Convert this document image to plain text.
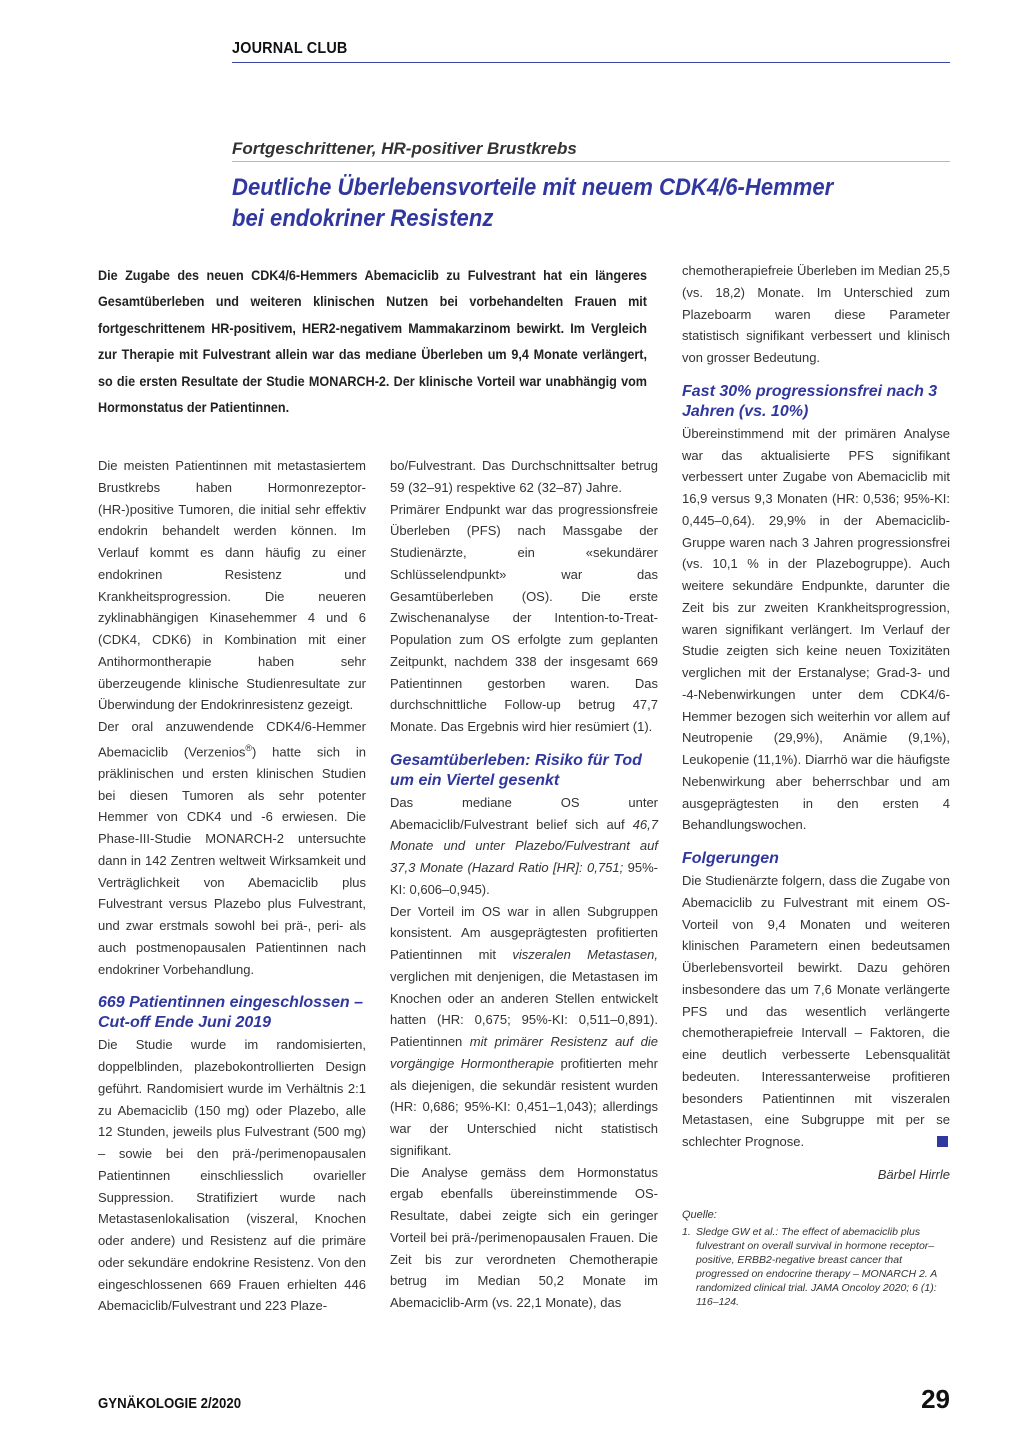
JOURNAL CLUB
Fortgeschrittener, HR-positiver Brustkrebs
Deutliche Überlebensvorteile mit neuem CDK4/6-Hemmer
bei endokriner Resistenz

Die Zugabe des neuen CDK4/6-Hemmers Abemaciclib zu Fulvestrant hat ein längeres Gesamtüberleben und weiteren klinischen Nutzen bei vorbehandelten Frauen mit fortgeschrittenem HR-positivem, HER2-negativem Mammakarzinom bewirkt. Im Vergleich zur Therapie mit Fulvestrant allein war das mediane Überleben um 9,4 Monate verlängert, so die ersten Resultate der Studie MONARCH-2. Der klinische Vorteil war unabhängig vom Hormonstatus der Patientinnen.

Die meisten Patientinnen mit metastasiertem Brustkrebs haben Hormonrezeptor-(HR-)positive Tumoren, die initial sehr effektiv endokrin behandelt werden können. Im Verlauf kommt es dann häufig zu einer endokrinen Resistenz und Krankheitsprogression. Die neueren zyklinabhängigen Kinasehemmer 4 und 6 (CDK4, CDK6) in Kombination mit einer Antihormontherapie haben sehr überzeugende klinische Studienresultate zur Überwindung der Endokrinresistenz gezeigt.

Der oral anzuwendende CDK4/6-Hemmer Abemaciclib (Verzenios®) hatte sich in präklinischen und ersten klinischen Studien bei diesen Tumoren als sehr potenter Hemmer von CDK4 und -6 erwiesen. Die Phase-III-Studie MONARCH-2 untersuchte dann in 142 Zentren weltweit Wirksamkeit und Verträglichkeit von Abemaciclib plus Fulvestrant versus Plazebo plus Fulvestrant, und zwar erstmals sowohl bei prä-, peri- als auch postmenopausalen Patientinnen nach endokriner Vorbehandlung.

669 Patientinnen eingeschlossen – Cut-off Ende Juni 2019

Die Studie wurde im randomisierten, doppelblinden, plazebokontrollierten Design geführt. Randomisiert wurde im Verhältnis 2:1 zu Abemaciclib (150 mg) oder Plazebo, alle 12 Stunden, jeweils plus Fulvestrant (500 mg) – sowie bei den prä-/perimenopausalen Patientinnen einschliesslich ovarieller Suppression. Stratifiziert wurde nach Metastasenlokalisation (viszeral, Knochen oder andere) und Resistenz auf die primäre oder sekundäre endokrine Resistenz. Von den eingeschlossenen 669 Frauen erhielten 446 Abemaciclib/Fulvestrant und 223 Plaze-

bo/Fulvestrant. Das Durchschnittsalter betrug 59 (32–91) respektive 62 (32–87) Jahre.

Primärer Endpunkt war das progressionsfreie Überleben (PFS) nach Massgabe der Studienärzte, ein «sekundärer Schlüsselendpunkt» war das Gesamtüberleben (OS). Die erste Zwischenanalyse der Intention-to-Treat-Population zum OS erfolgte zum geplanten Zeitpunkt, nachdem 338 der insgesamt 669 Patientinnen gestorben waren. Das durchschnittliche Follow-up betrug 47,7 Monate. Das Ergebnis wird hier resümiert (1).

Gesamtüberleben: Risiko für Tod um ein Viertel gesenkt

Das mediane OS unter Abemaciclib/Fulvestrant belief sich auf 46,7 Monate und unter Plazebo/Fulvestrant auf 37,3 Monate (Hazard Ratio [HR]: 0,751; 95%-KI: 0,606–0,945).

Der Vorteil im OS war in allen Subgruppen konsistent. Am ausgeprägtesten profitierten Patientinnen mit viszeralen Metastasen, verglichen mit denjenigen, die Metastasen im Knochen oder an anderen Stellen entwickelt hatten (HR: 0,675; 95%-KI: 0,511–0,891). Patientinnen mit primärer Resistenz auf die vorgängige Hormontherapie profitierten mehr als diejenigen, die sekundär resistent wurden (HR: 0,686; 95%-KI: 0,451–1,043); allerdings war der Unterschied nicht statistisch signifikant.

Die Analyse gemäss dem Hormonstatus ergab ebenfalls übereinstimmende OS-Resultate, dabei zeigte sich ein geringer Vorteil bei prä-/perimenopausalen Frauen. Die Zeit bis zur verordneten Chemotherapie betrug im Median 50,2 Monate im Abemaciclib-Arm (vs. 22,1 Monate), das

chemotherapiefreie Überleben im Median 25,5 (vs. 18,2) Monate. Im Unterschied zum Plazeboarm waren diese Parameter statistisch signifikant verbessert und klinisch von grosser Bedeutung.

Fast 30% progressionsfrei nach 3 Jahren (vs. 10%)

Übereinstimmend mit der primären Analyse war das aktualisierte PFS signifikant verbessert unter Zugabe von Abemaciclib mit 16,9 versus 9,3 Monaten (HR: 0,536; 95%-KI: 0,445–0,64). 29,9% in der Abemaciclib-Gruppe waren nach 3 Jahren progressionsfrei (vs. 10,1 % in der Plazebogruppe). Auch weitere sekundäre Endpunkte, darunter die Zeit bis zur zweiten Krankheitsprogression, waren signifikant verlängert. Im Verlauf der Studie zeigten sich keine neuen Toxizitäten verglichen mit der Erstanalyse; Grad-3- und -4-Nebenwirkungen unter dem CDK4/6-Hemmer bezogen sich weiterhin vor allem auf Neutropenie (29,9%), Anämie (9,1%), Leukopenie (11,1%). Diarrhö war die häufigste Nebenwirkung aber beherrschbar und am ausgeprägtesten in den ersten 4 Behandlungswochen.

Folgerungen

Die Studienärzte folgern, dass die Zugabe von Abemaciclib zu Fulvestrant mit einem OS-Vorteil von 9,4 Monaten und weiteren klinischen Parametern einen bedeutsamen Überlebensvorteil bewirkt. Dazu gehören insbesondere das um 7,6 Monate verlängerte PFS und das wesentlich verlängerte chemotherapiefreie Intervall – Faktoren, die eine deutlich verbesserte Lebensqualität bedeuten. Interessanterweise profitieren besonders Patientinnen mit viszeralen Metastasen, eine Subgruppe mit per se schlechter Prognose.

Bärbel Hirrle
Quelle:
1. Sledge GW et al.: The effect of abemaciclib plus fulvestrant on overall survival in hormone receptor–positive, ERBB2-negative breast cancer that progressed on endocrine therapy – MONARCH 2. A randomized clinical trial. JAMA Oncoloy 2020; 6 (1): 116–124.
GYNÄKOLOGIE 2/2020	29
